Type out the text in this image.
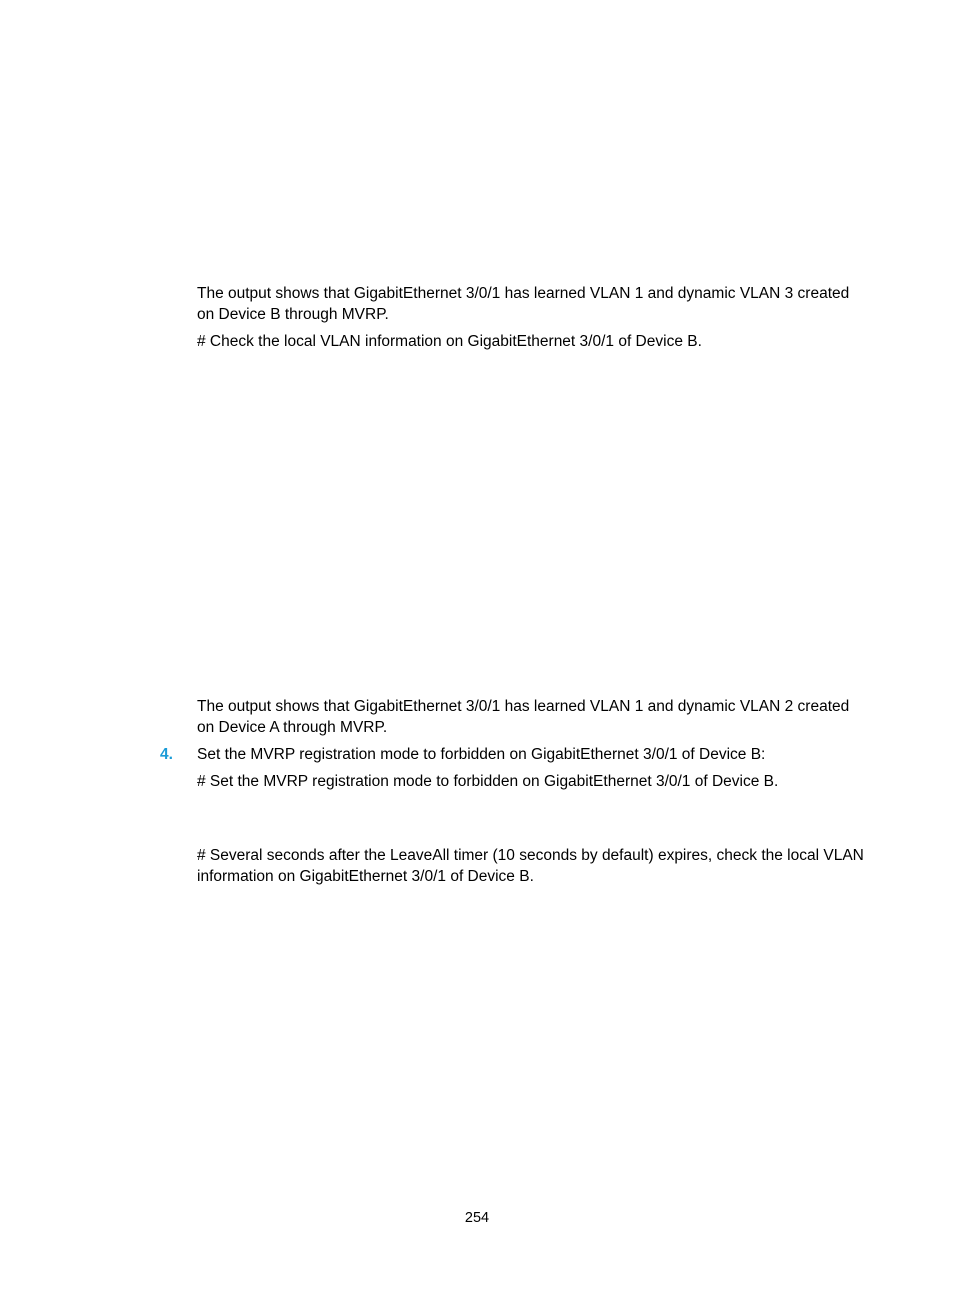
The output shows that GigabitEthernet 3/0/1 has learned VLAN 1 and dynamic VLAN 3 created on Device B through MVRP.

# Check the local VLAN information on GigabitEthernet 3/0/1 of Device B.

The output shows that GigabitEthernet 3/0/1 has learned VLAN 1 and dynamic VLAN 2 created on Device A through MVRP.

4. Set the MVRP registration mode to forbidden on GigabitEthernet 3/0/1 of Device B:

# Set the MVRP registration mode to forbidden on GigabitEthernet 3/0/1 of Device B.

# Several seconds after the LeaveAll timer (10 seconds by default) expires, check the local VLAN information on GigabitEthernet 3/0/1 of Device B.

254
